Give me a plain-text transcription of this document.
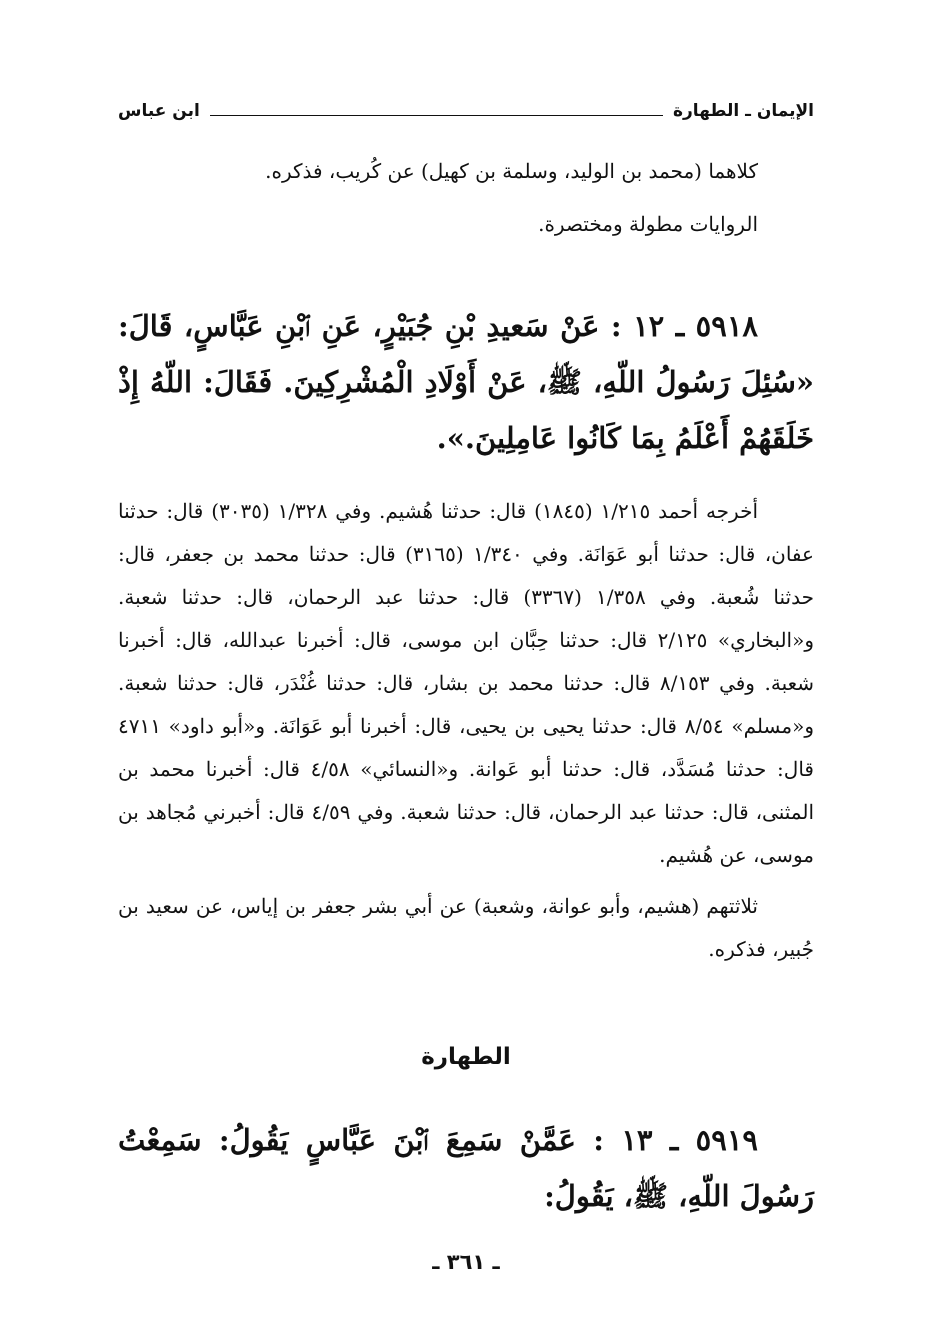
الإيمان ـ الطهارة
ابن عباس

كلاهما (محمد بن الوليد، وسلمة بن كهيل) عن كُريب، فذكره.

الروايات مطولة ومختصرة.

٥٩١٨ ـ ١٢ : عَنْ سَعيدِ بْنِ جُبَيْرٍ، عَنِ ٱبْنِ عَبَّاسٍ، قَالَ: «سُئِلَ رَسُولُ اللّهِ، ﷺ، عَنْ أَوْلَادِ الْمُشْرِكِينَ. فَقَالَ: اللّهُ إِذْ خَلَقَهُمْ أَعْلَمُ بِمَا كَانُوا عَامِلِينَ.».

أخرجه أحمد ١/٢١٥ (١٨٤٥) قال: حدثنا هُشيم. وفي ١/٣٢٨ (٣٠٣٥) قال: حدثنا عفان، قال: حدثنا أبو عَوَانَة. وفي ١/٣٤٠ (٣١٦٥) قال: حدثنا محمد بن جعفر، قال: حدثنا شُعبة. وفي ١/٣٥٨ (٣٣٦٧) قال: حدثنا عبد الرحمان، قال: حدثنا شعبة. و«البخاري» ٢/١٢٥ قال: حدثنا حِبَّان ابن موسى، قال: أخبرنا عبدالله، قال: أخبرنا شعبة. وفي ٨/١٥٣ قال: حدثنا محمد بن بشار، قال: حدثنا غُنْدَر، قال: حدثنا شعبة. و«مسلم» ٨/٥٤ قال: حدثنا يحيى بن يحيى، قال: أخبرنا أبو عَوَانَة. و«أبو داود» ٤٧١١ قال: حدثنا مُسَدَّد، قال: حدثنا أبو عَوانة. و«النسائي» ٤/٥٨ قال: أخبرنا محمد بن المثنى، قال: حدثنا عبد الرحمان، قال: حدثنا شعبة. وفي ٤/٥٩ قال: أخبرني مُجاهد بن موسى، عن هُشيم.

ثلاثتهم (هشيم، وأبو عوانة، وشعبة) عن أبي بشر جعفر بن إياس، عن سعيد بن جُبير، فذكره.

الطهارة

٥٩١٩ ـ ١٣ : عَمَّنْ سَمِعَ ٱبْنَ عَبَّاسٍ يَقُولُ: سَمِعْتُ رَسُولَ اللّهِ، ﷺ، يَقُولُ:

ـ ٣٦١ ـ
